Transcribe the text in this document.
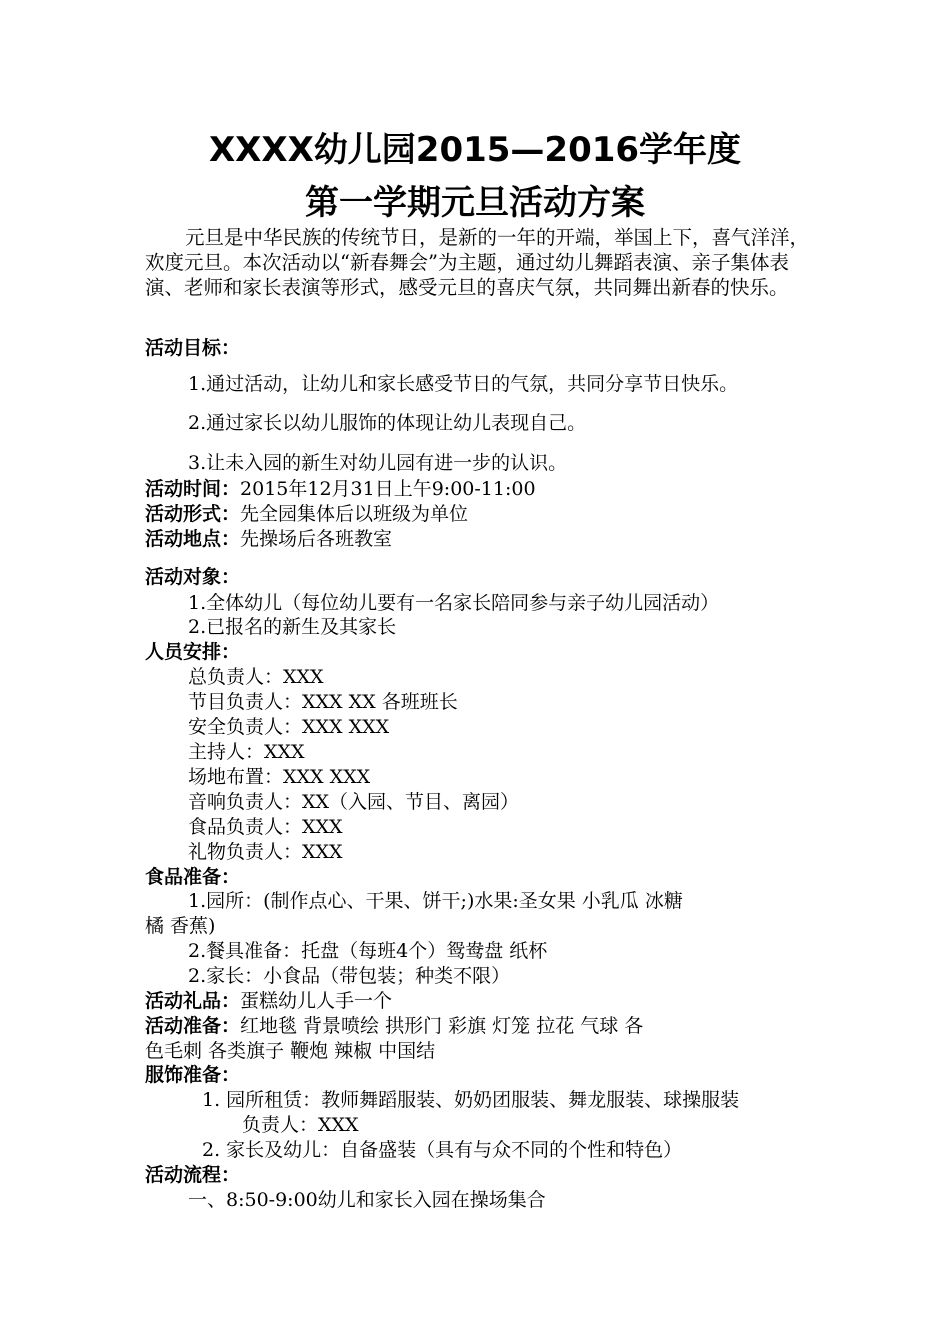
XXXX幼儿园2015—2016学年度
第一学期元旦活动方案
元旦是中华民族的传统节日，是新的一年的开端，举国上下，喜气洋洋，欢度元旦。本次活动以“新春舞会”为主题，通过幼儿舞蹈表演、亲子集体表演、老师和家长表演等形式，感受元旦的喜庆气氛，共同舞出新春的快乐。
活动目标：
1.通过活动，让幼儿和家长感受节日的气氛，共同分享节日快乐。
2.通过家长以幼儿服饰的体现让幼儿表现自己。
3.让未入园的新生对幼儿园有进一步的认识。
活动时间：2015年12月31日上午9:00-11:00
活动形式：先全园集体后以班级为单位
活动地点：先操场后各班教室
活动对象：
1.全体幼儿（每位幼儿要有一名家长陪同参与亲子幼儿园活动）
2.已报名的新生及其家长
人员安排：
总负责人：XXX
节目负责人：XXX XX 各班班长
安全负责人：XXX XXX
主持人：XXX
场地布置：XXX XXX
音响负责人：XX（入园、节目、离园）
食品负责人：XXX
礼物负责人：XXX
食品准备：
1.园所：(制作点心、干果、饼干;)水果:圣女果 小乳瓜 冰糖
橘 香蕉)
2.餐具准备：托盘（每班4个）鸳鸯盘 纸杯
2.家长：小食品（带包装；种类不限）
活动礼品：蛋糕幼儿人手一个
活动准备：红地毯 背景喷绘 拱形门 彩旗 灯笼 拉花 气球 各
色毛刺 各类旗子 鞭炮 辣椒 中国结
服饰准备：
1. 园所租赁：教师舞蹈服装、奶奶团服装、舞龙服装、球操服装
负责人：XXX
2. 家长及幼儿：自备盛装（具有与众不同的个性和特色）
活动流程：
一、8:50-9:00幼儿和家长入园在操场集合
